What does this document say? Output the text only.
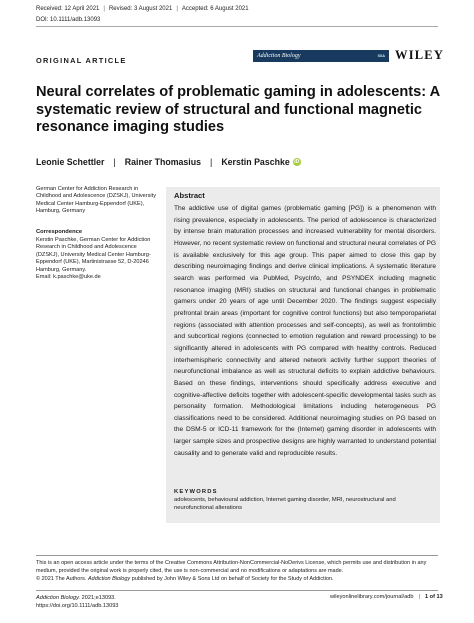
Received: 12 April 2021 | Revised: 3 August 2021 | Accepted: 6 August 2021
DOI: 10.1111/adb.13093
ORIGINAL ARTICLE	Addiction Biology	SSA WILEY
Neural correlates of problematic gaming in adolescents: A systematic review of structural and functional magnetic resonance imaging studies
Leonie Schettler | Rainer Thomasius | Kerstin Paschke iD
German Center for Addiction Research in Childhood and Adolescence (DZSKJ), University Medical Center Hamburg-Eppendorf (UKE), Hamburg, Germany
Correspondence
Kerstin Paschke, German Center for Addiction Research in Childhood and Adolescence (DZSKJ), University Medical Center Hamburg-Eppendorf (UKE), Martinistrasse 52, D-20246 Hamburg, Germany.
Email: k.paschke@uke.de
Abstract
The addictive use of digital games (problematic gaming [PG]) is a phenomenon with rising prevalence, especially in adolescents. The period of adolescence is characterized by intense brain maturation processes and increased vulnerability for mental disorders. However, no recent systematic review on functional and structural neural correlates of PG is available exclusively for this age group. This paper aimed to close this gap by describing neuroimaging findings and derive clinical implications. A systematic literature search was performed via PubMed, PsycInfo, and PSYNDEX including magnetic resonance imaging (MRI) studies on structural and functional changes in problematic gamers under 20 years of age until December 2020. The findings suggest especially prefrontal brain areas (important for cognitive control functions) but also temporoparietal regions (associated with attention processes and self-concepts), as well as frontolimbic and subcortical regions (connected to emotion regulation and reward processing) to be significantly altered in adolescents with PG compared with healthy controls. Reduced interhemispheric connectivity and altered network activity further support theories of neurofunctional imbalance as well as structural deficits to explain addictive behaviours. Based on these findings, interventions should specifically address executive and cognitive-affective deficits together with adolescent-specific developmental tasks such as personality formation. Methodological limitations including heterogeneous PG classifications need to be considered. Additional neuroimaging studies on PG based on the DSM-5 or ICD-11 framework for the (Internet) gaming disorder in adolescents with larger sample sizes and prospective designs are highly warranted to understand potential causality and to generate valid and reproducible results.
KEYWORDS
adolescents, behavioural addiction, Internet gaming disorder, MRI, neurostructural and neurofunctional alterations
This is an open access article under the terms of the Creative Commons Attribution-NonCommercial-NoDerivs License, which permits use and distribution in any medium, provided the original work is properly cited, the use is non-commercial and no modifications or adaptations are made.
© 2021 The Authors. Addiction Biology published by John Wiley & Sons Ltd on behalf of Society for the Study of Addiction.
Addiction Biology. 2021;e13093.
https://doi.org/10.1111/adb.13093
wileyonlinelibrary.com/journal/adb | 1 of 13
